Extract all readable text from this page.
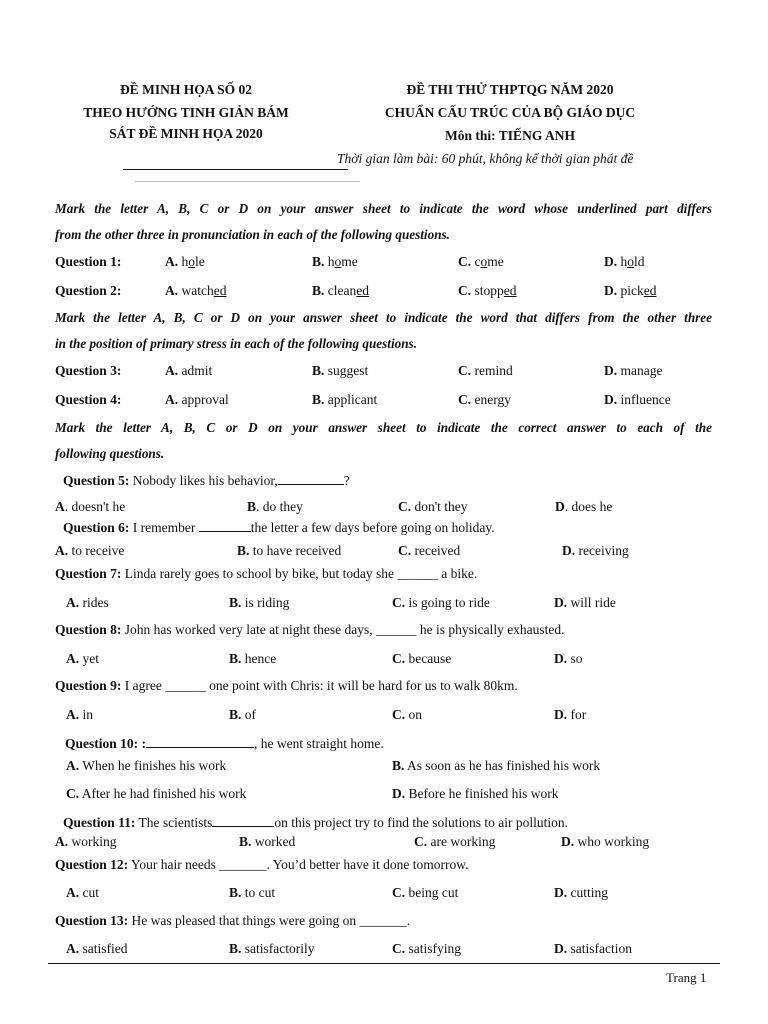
ĐỀ MINH HỌA SỐ 02
THEO HƯỚNG TINH GIẢN BÁM
SÁT ĐỀ MINH HỌA 2020
ĐỀ THI THỬ THPTQG NĂM 2020
CHUẨN CẤU TRÚC CỦA BỘ GIÁO DỤC
Môn thi: TIẾNG ANH
Thời gian làm bài: 60 phút, không kể thời gian phát đề
Mark the letter A, B, C or D on your answer sheet to indicate the word whose underlined part differs
from the other three in pronunciation in each of the following questions.
Question 1:	A. hole	B. home	C. come	D. hold
Question 2:	A. watched	B. cleaned	C. stopped	D. picked
Mark the letter A, B, C or D on your answer sheet to indicate the word that differs from the other three
in the position of primary stress in each of the following questions.
Question 3:	A. admit	B. suggest	C. remind	D. manage
Question 4:	A. approval	B. applicant	C. energy	D. influence
Mark the letter A, B, C or D on your answer sheet to indicate the correct answer to each of the
following questions.
Question 5: Nobody likes his behavior,	?
A. doesn't he	B. do they	C. don't they	D. does he
Question 6: I remember	the letter a few days before going on holiday.
A. to receive	B. to have received	C. received	D. receiving
Question 7: Linda rarely goes to school by bike, but today she ______ a bike.
A. rides	B. is riding	C. is going to ride	D. will ride
Question 8: John has worked very late at night these days, ______ he is physically exhausted.
A. yet	B. hence	C. because	D. so
Question 9: I agree ______ one point with Chris: it will be hard for us to walk 80km.
A. in	B. of	C. on	D. for
Question 10: :	, he went straight home.
A. When he finishes his work	B. As soon as he has finished his work
C. After he had finished his work	D. Before he finished his work
Question 11: The scientists	on this project try to find the solutions to air pollution.
A. working	B. worked	C. are working	D. who working
Question 12: Your hair needs _______. You’d better have it done tomorrow.
A. cut	B. to cut	C. being cut	D. cutting
Question 13: He was pleased that things were going on _______.
A. satisfied	B. satisfactorily	C. satisfying	D. satisfaction
Trang 1
